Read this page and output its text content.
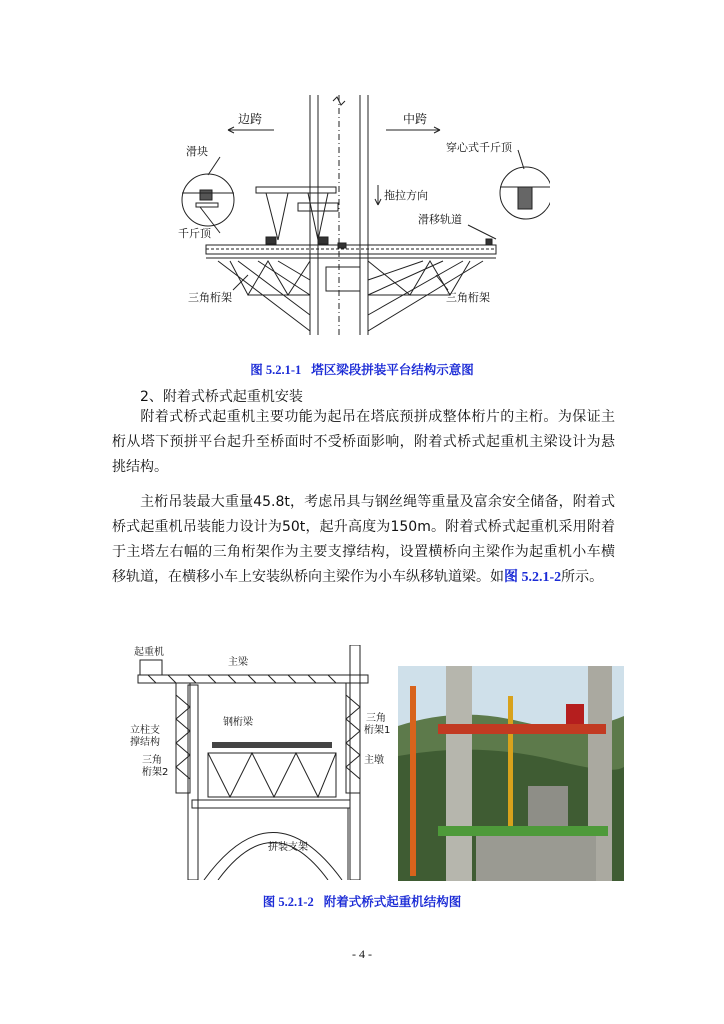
边跨	中跨
滑块	穿心式千斤顶
拖拉方向
滑移轨道
千斤顶
三角桁架	三角桁架
图 5.2.1-1 塔区梁段拼装平台结构示意图
2、附着式桥式起重机安装

附着式桥式起重机主要功能为起吊在塔底预拼成整体桁片的主桁。为保证主桁从塔下预拼平台起升至桥面时不受桥面影响，附着式桥式起重机主梁设计为悬挑结构。

主桁吊装最大重量45.8t，考虑吊具与钢丝绳等重量及富余安全储备，附着式桥式起重机吊装能力设计为50t，起升高度为150m。附着式桥式起重机采用附着于主塔左右幅的三角桁架作为主要支撑结构，设置横桥向主梁作为起重机小车横移轨道，在横移小车上安装纵桥向主梁作为小车纵移轨道梁。如图 5.2.1-2所示。

起重机
主梁
钢桁梁
立柱支
撑结构
三角
桁架2
三角
桁架1
主墩
拼装支架
图 5.2.1-2 附着式桥式起重机结构图
- 4 -
